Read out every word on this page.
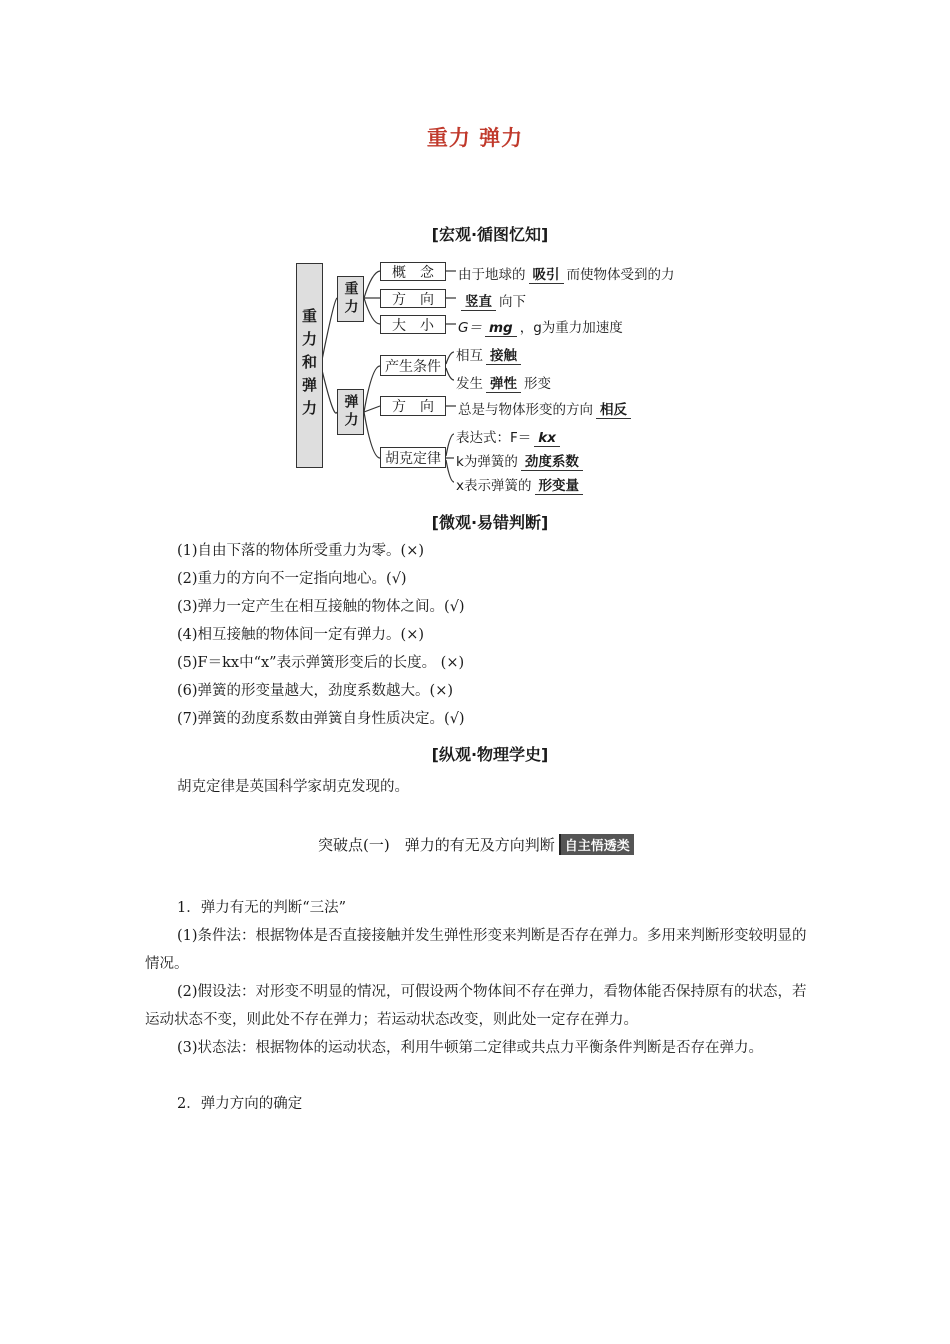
重力 弹力
[宏观·循图忆知]
重力和弹力
重力
弹力
概　念
方　向
大　小
产生条件
方　向
胡克定律
由于地球的 吸引 而使物体受到的力
竖直 向下
G＝ mg ，g为重力加速度
相互 接触
发生 弹性 形变
总是与物体形变的方向 相反
表达式：F＝ kx
k为弹簧的 劲度系数
x表示弹簧的 形变量
[微观·易错判断]
(1)自由下落的物体所受重力为零。(×)
(2)重力的方向不一定指向地心。(√)
(3)弹力一定产生在相互接触的物体之间。(√)
(4)相互接触的物体间一定有弹力。(×)
(5)F＝kx中“x”表示弹簧形变后的长度。 (×)
(6)弹簧的形变量越大，劲度系数越大。(×)
(7)弹簧的劲度系数由弹簧自身性质决定。(√)
[纵观·物理学史]
胡克定律是英国科学家胡克发现的。
突破点(一)　弹力的有无及方向判断 自主悟透类
1．弹力有无的判断“三法”
(1)条件法：根据物体是否直接接触并发生弹性形变来判断是否存在弹力。多用来判断形变较明显的情况。
(2)假设法：对形变不明显的情况，可假设两个物体间不存在弹力，看物体能否保持原有的状态，若运动状态不变，则此处不存在弹力；若运动状态改变，则此处一定存在弹力。
(3)状态法：根据物体的运动状态，利用牛顿第二定律或共点力平衡条件判断是否存在弹力。
2．弹力方向的确定
